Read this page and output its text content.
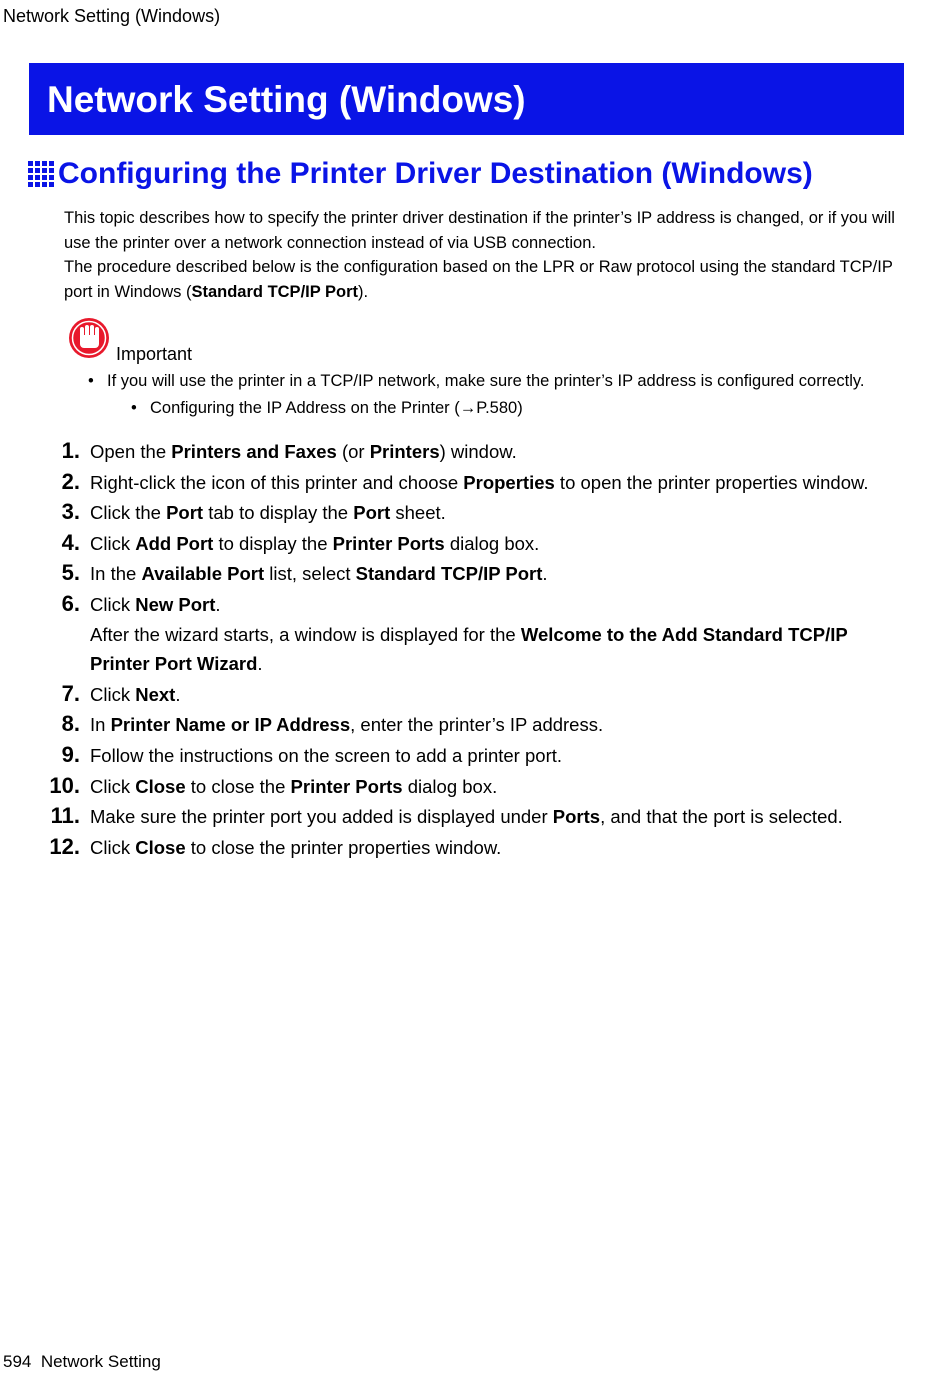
Network Setting (Windows)
Network Setting (Windows)
Configuring the Printer Driver Destination (Windows)

This topic describes how to specify the printer driver destination if the printer’s IP address is changed, or if you will use the printer over a network connection instead of via USB connection.

The procedure described below is the configuration based on the LPR or Raw protocol using the standard TCP/IP port in Windows (Standard TCP/IP Port).

Important
• If you will use the printer in a TCP/IP network, make sure the printer’s IP address is configured correctly.
• Configuring the IP Address on the Printer (→P.580)
1. Open the Printers and Faxes (or Printers) window.
2. Right-click the icon of this printer and choose Properties to open the printer properties window.
3. Click the Port tab to display the Port sheet.
4. Click Add Port to display the Printer Ports dialog box.
5. In the Available Port list, select Standard TCP/IP Port.
6. Click New Port.
After the wizard starts, a window is displayed for the Welcome to the Add Standard TCP/IP
Printer Port Wizard.
7. Click Next.
8. In Printer Name or IP Address, enter the printer’s IP address.
9. Follow the instructions on the screen to add a printer port.
10. Click Close to close the Printer Ports dialog box.
11. Make sure the printer port you added is displayed under Ports, and that the port is selected.
12. Click Close to close the printer properties window.
594 Network Setting
